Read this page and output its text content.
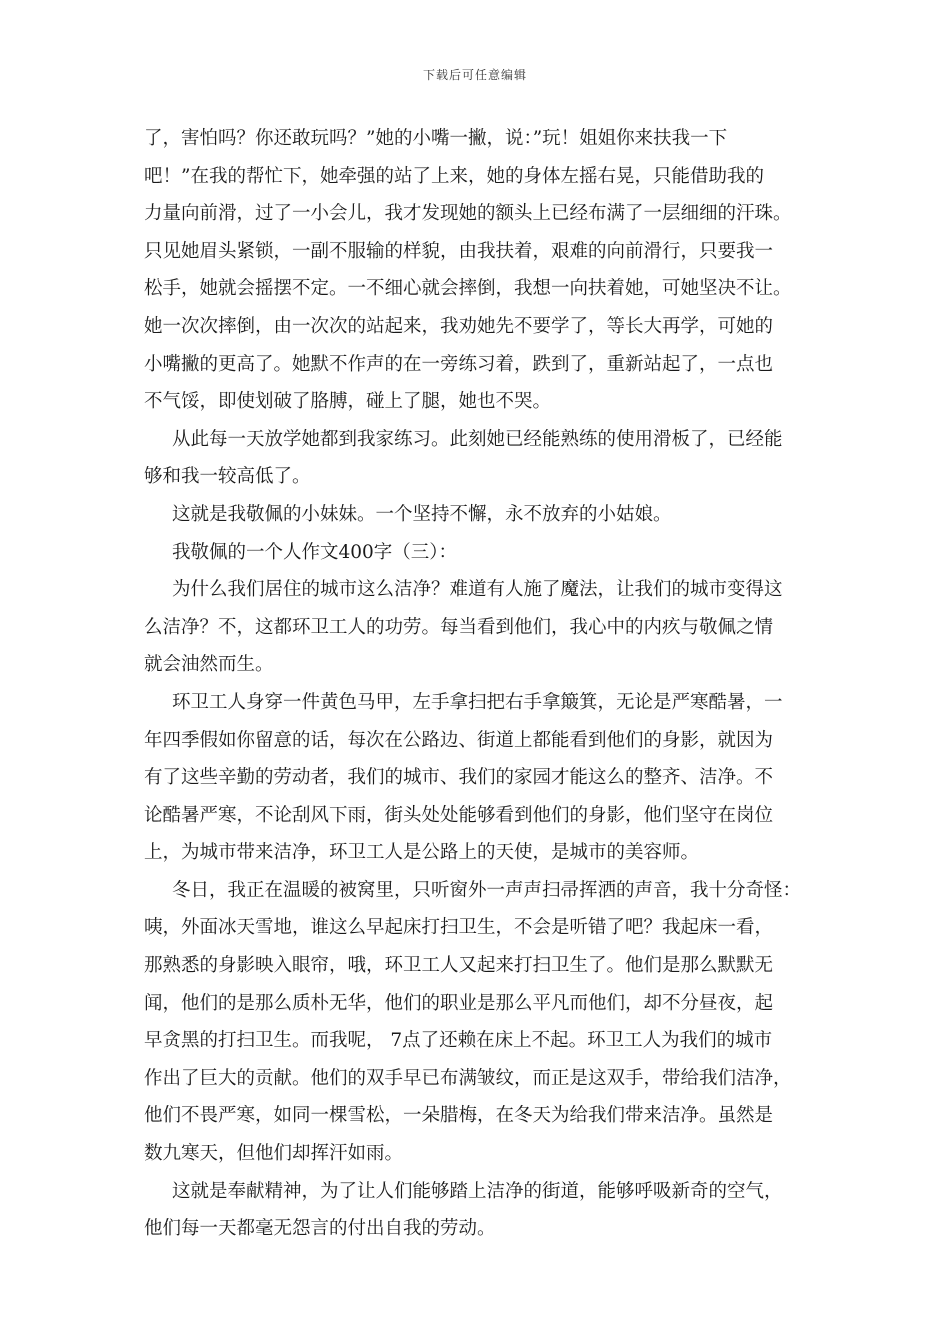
下载后可任意编辑
了，害怕吗？你还敢玩吗？”她的小嘴一撇，说：”玩！姐姐你来扶我一下
吧！”在我的帮忙下，她牵强的站了上来，她的身体左摇右晃，只能借助我的
力量向前滑，过了一小会儿，我才发现她的额头上已经布满了一层细细的汗珠。
只见她眉头紧锁，一副不服输的样貌，由我扶着，艰难的向前滑行，只要我一
松手，她就会摇摆不定。一不细心就会摔倒，我想一向扶着她，可她坚决不让。
她一次次摔倒，由一次次的站起来，我劝她先不要学了，等长大再学，可她的
小嘴撇的更高了。她默不作声的在一旁练习着，跌到了，重新站起了，一点也
不气馁，即使划破了胳膊，碰上了腿，她也不哭。
从此每一天放学她都到我家练习。此刻她已经能熟练的使用滑板了，已经能
够和我一较高低了。
这就是我敬佩的小妹妹。一个坚持不懈，永不放弃的小姑娘。
我敬佩的一个人作文400字（三）：
为什么我们居住的城市这么洁净？难道有人施了魔法，让我们的城市变得这
么洁净？不，这都环卫工人的功劳。每当看到他们，我心中的内疚与敬佩之情
就会油然而生。
环卫工人身穿一件黄色马甲，左手拿扫把右手拿簸箕，无论是严寒酷暑，一
年四季假如你留意的话，每次在公路边、街道上都能看到他们的身影，就因为
有了这些辛勤的劳动者，我们的城市、我们的家园才能这么的整齐、洁净。不
论酷暑严寒，不论刮风下雨，街头处处能够看到他们的身影，他们坚守在岗位
上，为城市带来洁净，环卫工人是公路上的天使，是城市的美容师。
冬日，我正在温暖的被窝里，只听窗外一声声扫帚挥洒的声音，我十分奇怪：
咦，外面冰天雪地，谁这么早起床打扫卫生，不会是听错了吧？我起床一看，
那熟悉的身影映入眼帘，哦，环卫工人又起来打扫卫生了。他们是那么默默无
闻，他们的是那么质朴无华，他们的职业是那么平凡而他们，却不分昼夜，起
早贪黑的打扫卫生。而我呢， 7点了还赖在床上不起。环卫工人为我们的城市
作出了巨大的贡献。他们的双手早已布满皱纹，而正是这双手，带给我们洁净，
他们不畏严寒，如同一棵雪松，一朵腊梅，在冬天为给我们带来洁净。虽然是
数九寒天，但他们却挥汗如雨。
这就是奉献精神，为了让人们能够踏上洁净的街道，能够呼吸新奇的空气，
他们每一天都毫无怨言的付出自我的劳动。
